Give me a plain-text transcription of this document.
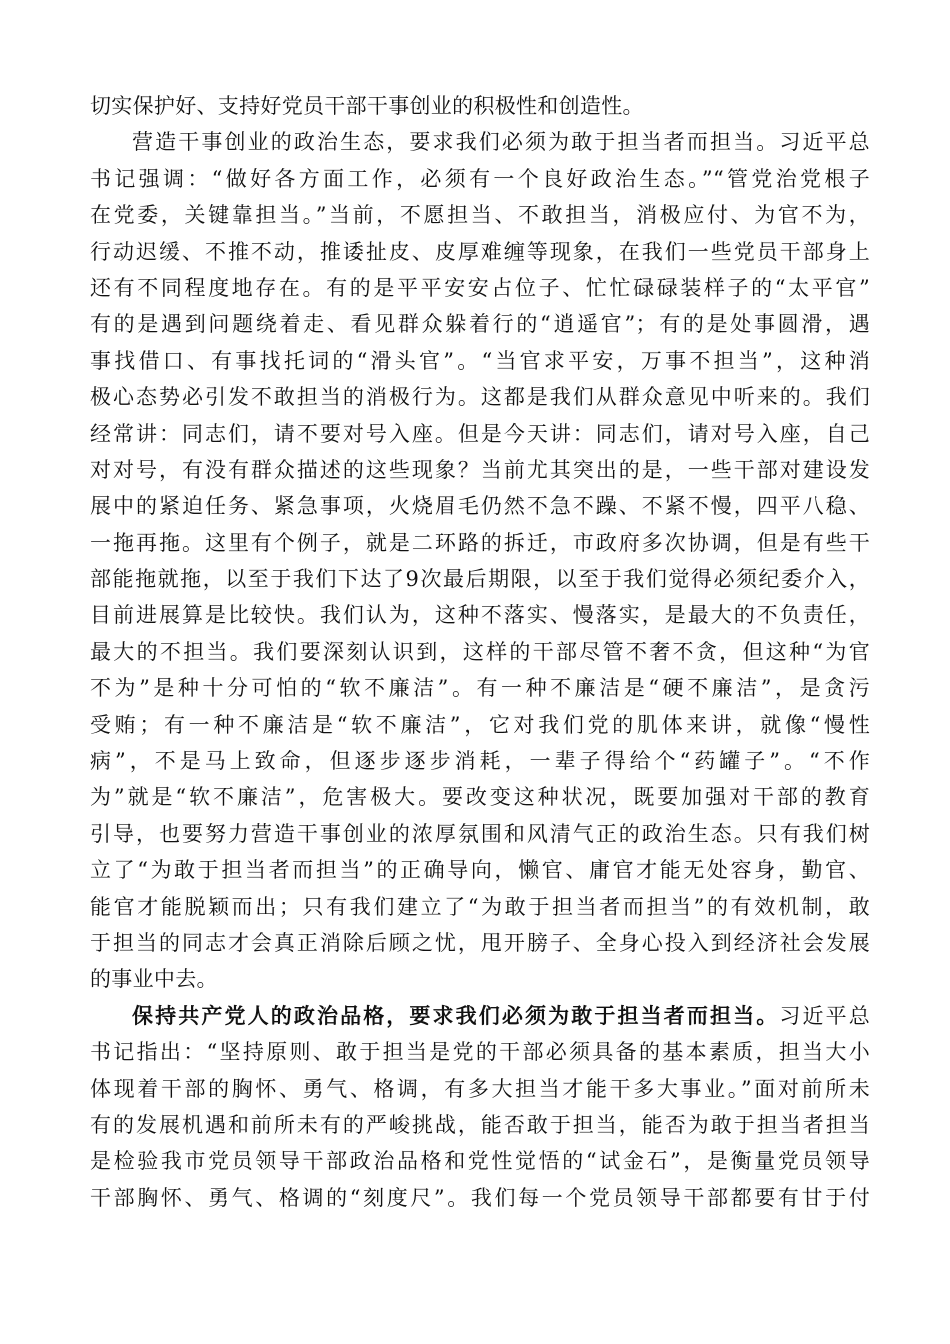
切实保护好、支持好党员干部干事创业的积极性和创造性。
营造干事创业的政治生态，要求我们必须为敢于担当者而担当。习近平总
书记强调：“做好各方面工作，必须有一个良好政治生态。”“管党治党根子
在党委，关键靠担当。”当前，不愿担当、不敢担当，消极应付、为官不为，
行动迟缓、不推不动，推诿扯皮、皮厚难缠等现象，在我们一些党员干部身上
还有不同程度地存在。有的是平平安安占位子、忙忙碌碌装样子的“太平官”
有的是遇到问题绕着走、看见群众躲着行的“逍遥官”；有的是处事圆滑，遇
事找借口、有事找托词的“滑头官”。“当官求平安，万事不担当”，这种消
极心态势必引发不敢担当的消极行为。这都是我们从群众意见中听来的。我们
经常讲：同志们，请不要对号入座。但是今天讲：同志们，请对号入座，自己
对对号，有没有群众描述的这些现象？当前尤其突出的是，一些干部对建设发
展中的紧迫任务、紧急事项，火烧眉毛仍然不急不躁、不紧不慢，四平八稳、
一拖再拖。这里有个例子，就是二环路的拆迁，市政府多次协调，但是有些干
部能拖就拖，以至于我们下达了9次最后期限，以至于我们觉得必须纪委介入，
目前进展算是比较快。我们认为，这种不落实、慢落实，是最大的不负责任，
最大的不担当。我们要深刻认识到，这样的干部尽管不奢不贪，但这种“为官
不为”是种十分可怕的“软不廉洁”。有一种不廉洁是“硬不廉洁”，是贪污
受贿；有一种不廉洁是“软不廉洁”，它对我们党的肌体来讲，就像“慢性
病”，不是马上致命，但逐步逐步消耗，一辈子得给个“药罐子”。“不作
为”就是“软不廉洁”，危害极大。要改变这种状况，既要加强对干部的教育
引导，也要努力营造干事创业的浓厚氛围和风清气正的政治生态。只有我们树
立了“为敢于担当者而担当”的正确导向，懒官、庸官才能无处容身，勤官、
能官才能脱颖而出；只有我们建立了“为敢于担当者而担当”的有效机制，敢
于担当的同志才会真正消除后顾之忧，甩开膀子、全身心投入到经济社会发展
的事业中去。
保持共产党人的政治品格，要求我们必须为敢于担当者而担当。习近平总
书记指出：“坚持原则、敢于担当是党的干部必须具备的基本素质，担当大小
体现着干部的胸怀、勇气、格调，有多大担当才能干多大事业。”面对前所未
有的发展机遇和前所未有的严峻挑战，能否敢于担当，能否为敢于担当者担当
是检验我市党员领导干部政治品格和党性觉悟的“试金石”，是衡量党员领导
干部胸怀、勇气、格调的“刻度尺”。我们每一个党员领导干部都要有甘于付
